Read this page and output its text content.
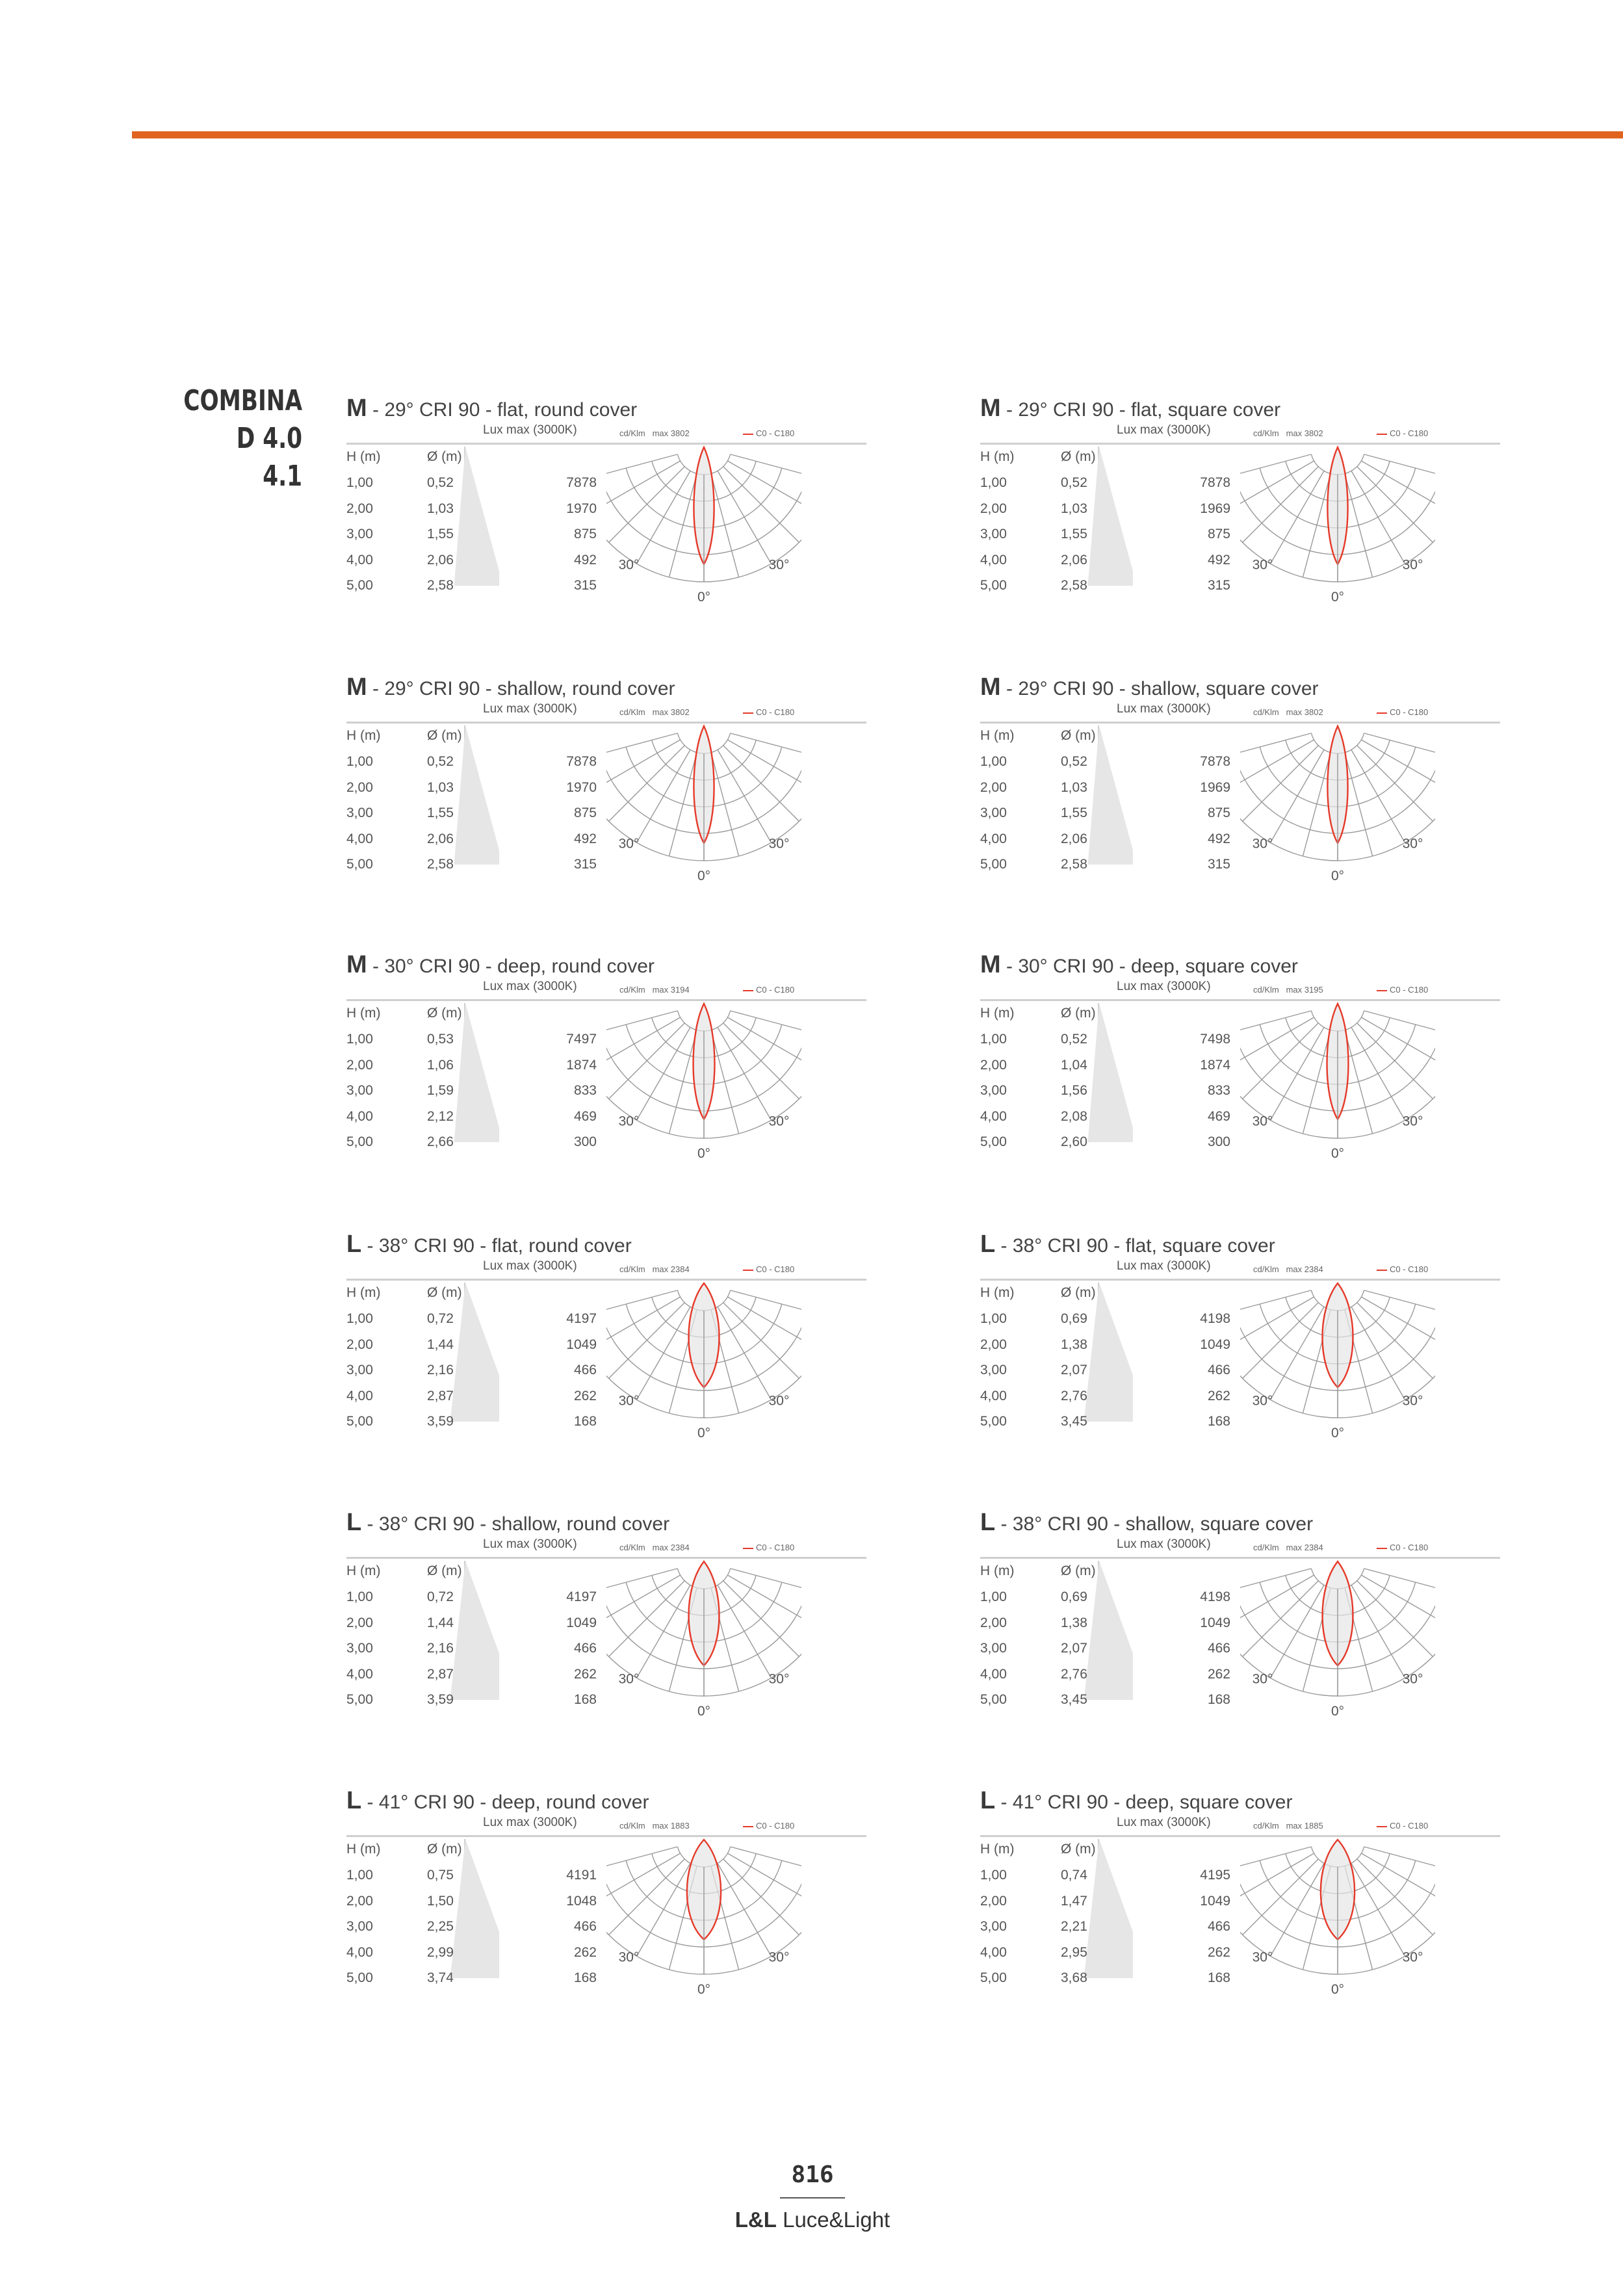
COMBINA D 4.0
4.1
M - 29° CRI 90 - flat, round cover
Lux max (3000K)	cd/Klm max 3802	C0 - C180
H (m)	Ø (m)
1,00	0,52	7878
2,00	1,03	1970
3,00	1,55	875
4,00	2,06	492
5,00	2,58	315
30°	30°
0°
M - 29° CRI 90 - flat, square cover
Lux max (3000K)	cd/Klm max 3802	C0 - C180
H (m)	Ø (m)
1,00	0,52	7878
2,00	1,03	1969
3,00	1,55	875
4,00	2,06	492
5,00	2,58	315
30°	30°
0°
M - 29° CRI 90 - shallow, round cover
Lux max (3000K)	cd/Klm max 3802	C0 - C180
H (m)	Ø (m)
1,00	0,52	7878
2,00	1,03	1970
3,00	1,55	875
4,00	2,06	492
5,00	2,58	315
30°	30°
0°
M - 29° CRI 90 - shallow, square cover
Lux max (3000K)	cd/Klm max 3802	C0 - C180
H (m)	Ø (m)
1,00	0,52	7878
2,00	1,03	1969
3,00	1,55	875
4,00	2,06	492
5,00	2,58	315
30°	30°
0°
M - 30° CRI 90 - deep, round cover
Lux max (3000K)	cd/Klm max 3194	C0 - C180
H (m)	Ø (m)
1,00	0,53	7497
2,00	1,06	1874
3,00	1,59	833
4,00	2,12	469
5,00	2,66	300
30°	30°
0°
M - 30° CRI 90 - deep, square cover
Lux max (3000K)	cd/Klm max 3195	C0 - C180
H (m)	Ø (m)
1,00	0,52	7498
2,00	1,04	1874
3,00	1,56	833
4,00	2,08	469
5,00	2,60	300
30°	30°
0°
L - 38° CRI 90 - flat, round cover
Lux max (3000K)	cd/Klm max 2384	C0 - C180
H (m)	Ø (m)
1,00	0,72	4197
2,00	1,44	1049
3,00	2,16	466
4,00	2,87	262
5,00	3,59	168
30°	30°
0°
L - 38° CRI 90 - flat, square cover
Lux max (3000K)	cd/Klm max 2384	C0 - C180
H (m)	Ø (m)
1,00	0,69	4198
2,00	1,38	1049
3,00	2,07	466
4,00	2,76	262
5,00	3,45	168
30°	30°
0°
L - 38° CRI 90 - shallow, round cover
Lux max (3000K)	cd/Klm max 2384	C0 - C180
H (m)	Ø (m)
1,00	0,72	4197
2,00	1,44	1049
3,00	2,16	466
4,00	2,87	262
5,00	3,59	168
30°	30°
0°
L - 38° CRI 90 - shallow, square cover
Lux max (3000K)	cd/Klm max 2384	C0 - C180
H (m)	Ø (m)
1,00	0,69	4198
2,00	1,38	1049
3,00	2,07	466
4,00	2,76	262
5,00	3,45	168
30°	30°
0°
L - 41° CRI 90 - deep, round cover
Lux max (3000K)	cd/Klm max 1883	C0 - C180
H (m)	Ø (m)
1,00	0,75	4191
2,00	1,50	1048
3,00	2,25	466
4,00	2,99	262
5,00	3,74	168
30°	30°
0°
L - 41° CRI 90 - deep, square cover
Lux max (3000K)	cd/Klm max 1885	C0 - C180
H (m)	Ø (m)
1,00	0,74	4195
2,00	1,47	1049
3,00	2,21	466
4,00	2,95	262
5,00	3,68	168
30°	30°
0°
816
L&L Luce&Light
